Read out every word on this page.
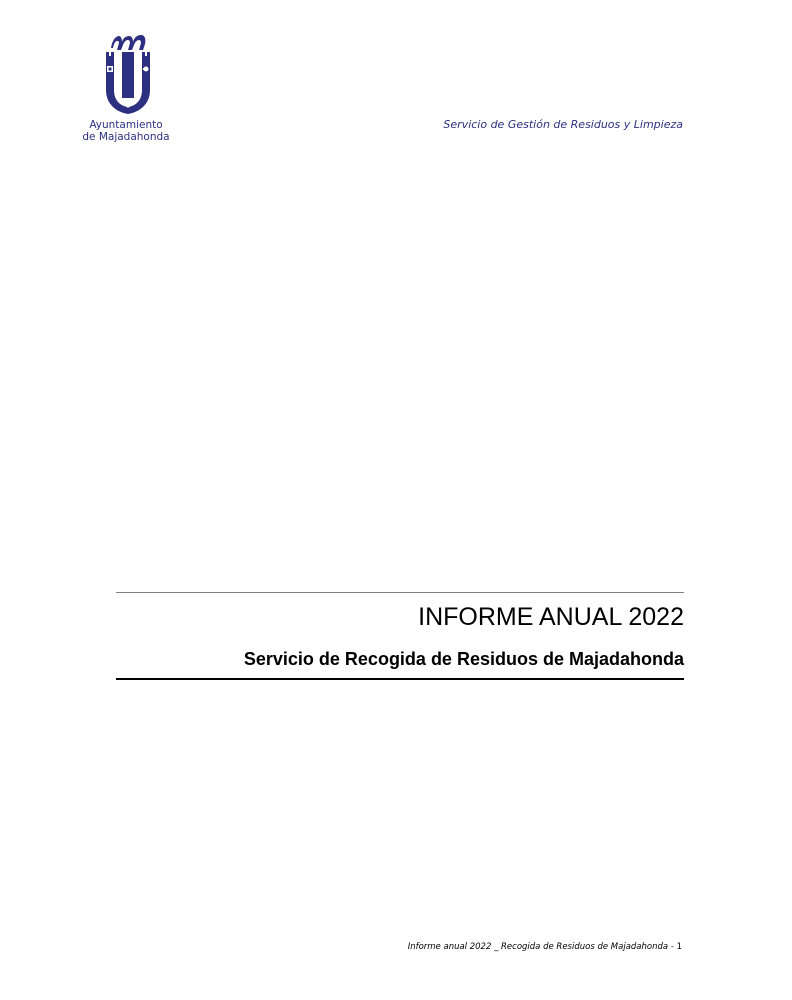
Ayuntamiento
de Majadahonda
Servicio de Gestión de Residuos y Limpieza
INFORME ANUAL 2022
Servicio de Recogida de Residuos de Majadahonda
Informe anual 2022 _ Recogida de Residuos de Majadahonda - 1
